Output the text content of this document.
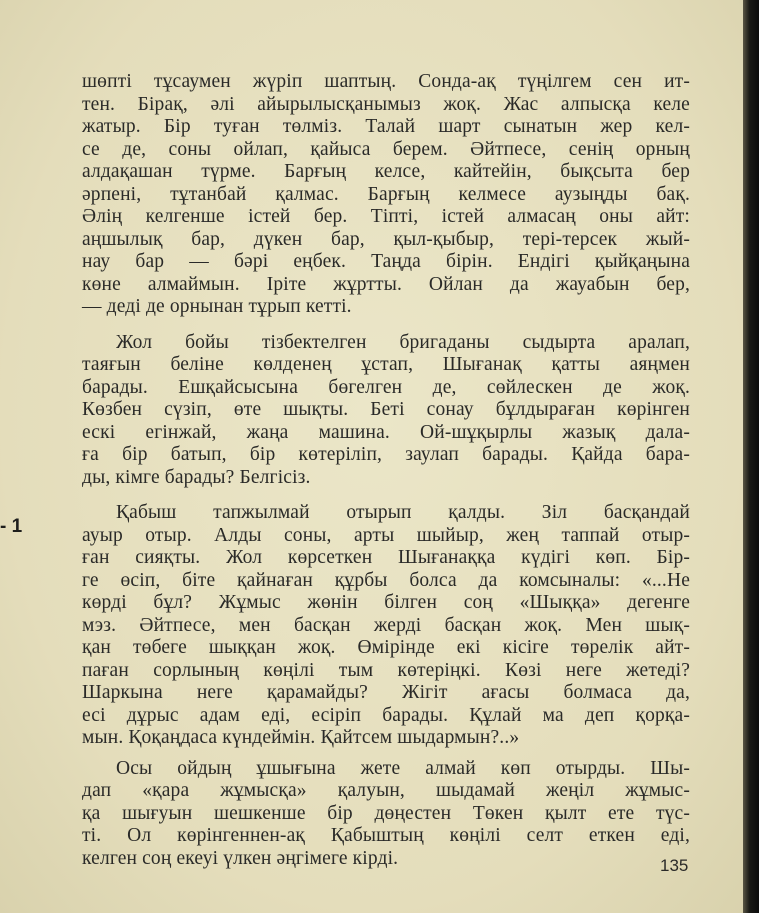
шөпті тұсаумен жүріп шаптың. Сонда-ақ түңілгем сен ит-
тен. Бірақ, әлі айырылысқанымыз жоқ. Жас алпысқа келе
жатыр. Бір туған төлміз. Талай шарт сынатын жер кел-
се де, соны ойлап, қайыса берем. Әйтпесе, сенің орның
алдақашан түрме. Барғың келсе, кайтейін, бықсыта бер
əрпені, тұтанбай қалмас. Барғың келмесе аузыңды бақ.
Әлің келгенше істей бер. Тіпті, істей алмасаң оны айт:
аңшылық бар, дүкен бар, қыл-қыбыр, тері-терсек жый-
нау бар — бәрі еңбек. Таңда бірін. Ендігі қыйқаңына
көне алмаймын. Іріте жұртты. Ойлан да жауабын бер,
— деді де орнынан тұрып кетті.
Жол бойы тізбектелген бригаданы сыдырта аралап,
таяғын беліне көлденең ұстап, Шығанақ қатты аяңмен
барады. Ешқайсысына бөгелген де, сөйлескен де жоқ.
Көзбен сүзіп, өте шықты. Беті сонау бұлдыраған көрінген
ескі егінжай, жаңа машина. Ой-шұқырлы жазық дала-
ға бір батып, бір көтеріліп, заулап барады. Қайда бара-
ды, кімге барады? Белгісіз.
Қабыш тапжылмай отырып қалды. Зіл басқандай
ауыр отыр. Алды соны, арты шыйыр, жең таппай отыр-
ған сияқты. Жол көрсеткен Шығанаққа күдігі көп. Бір-
ге өсіп, біте қайнаған құрбы болса да комсыналы: «...Не
көрді бұл? Жұмыс жөнін білген соң «Шыққа» дегенге
мэз. Әйтпесе, мен басқан жерді басқан жоқ. Мен шық-
қан төбеге шыққан жоқ. Өмірінде екі кісіге төрелік айт-
паған сорлының көңілі тым көтеріңкі. Көзі неге жетеді?
Шаркына неге қарамайды? Жігіт ағасы болмаса да,
есі дұрыс адам еді, есіріп барады. Құлай ма деп қорқа-
мын. Қоқаңдаса күндеймін. Қайтсем шыдармын?..»
Осы ойдың ұшығына жете алмай көп отырды. Шы-
дап «қара жұмысқа» қалуын, шыдамай жеңіл жұмыс-
қа шығуын шешкенше бір дөңестен Төкен қылт ете түс-
ті. Ол көрінгеннен-ақ Қабыштың көңілі селт еткен еді,
келген соң екеуі үлкен әңгімеге кірді.
- 1
135
